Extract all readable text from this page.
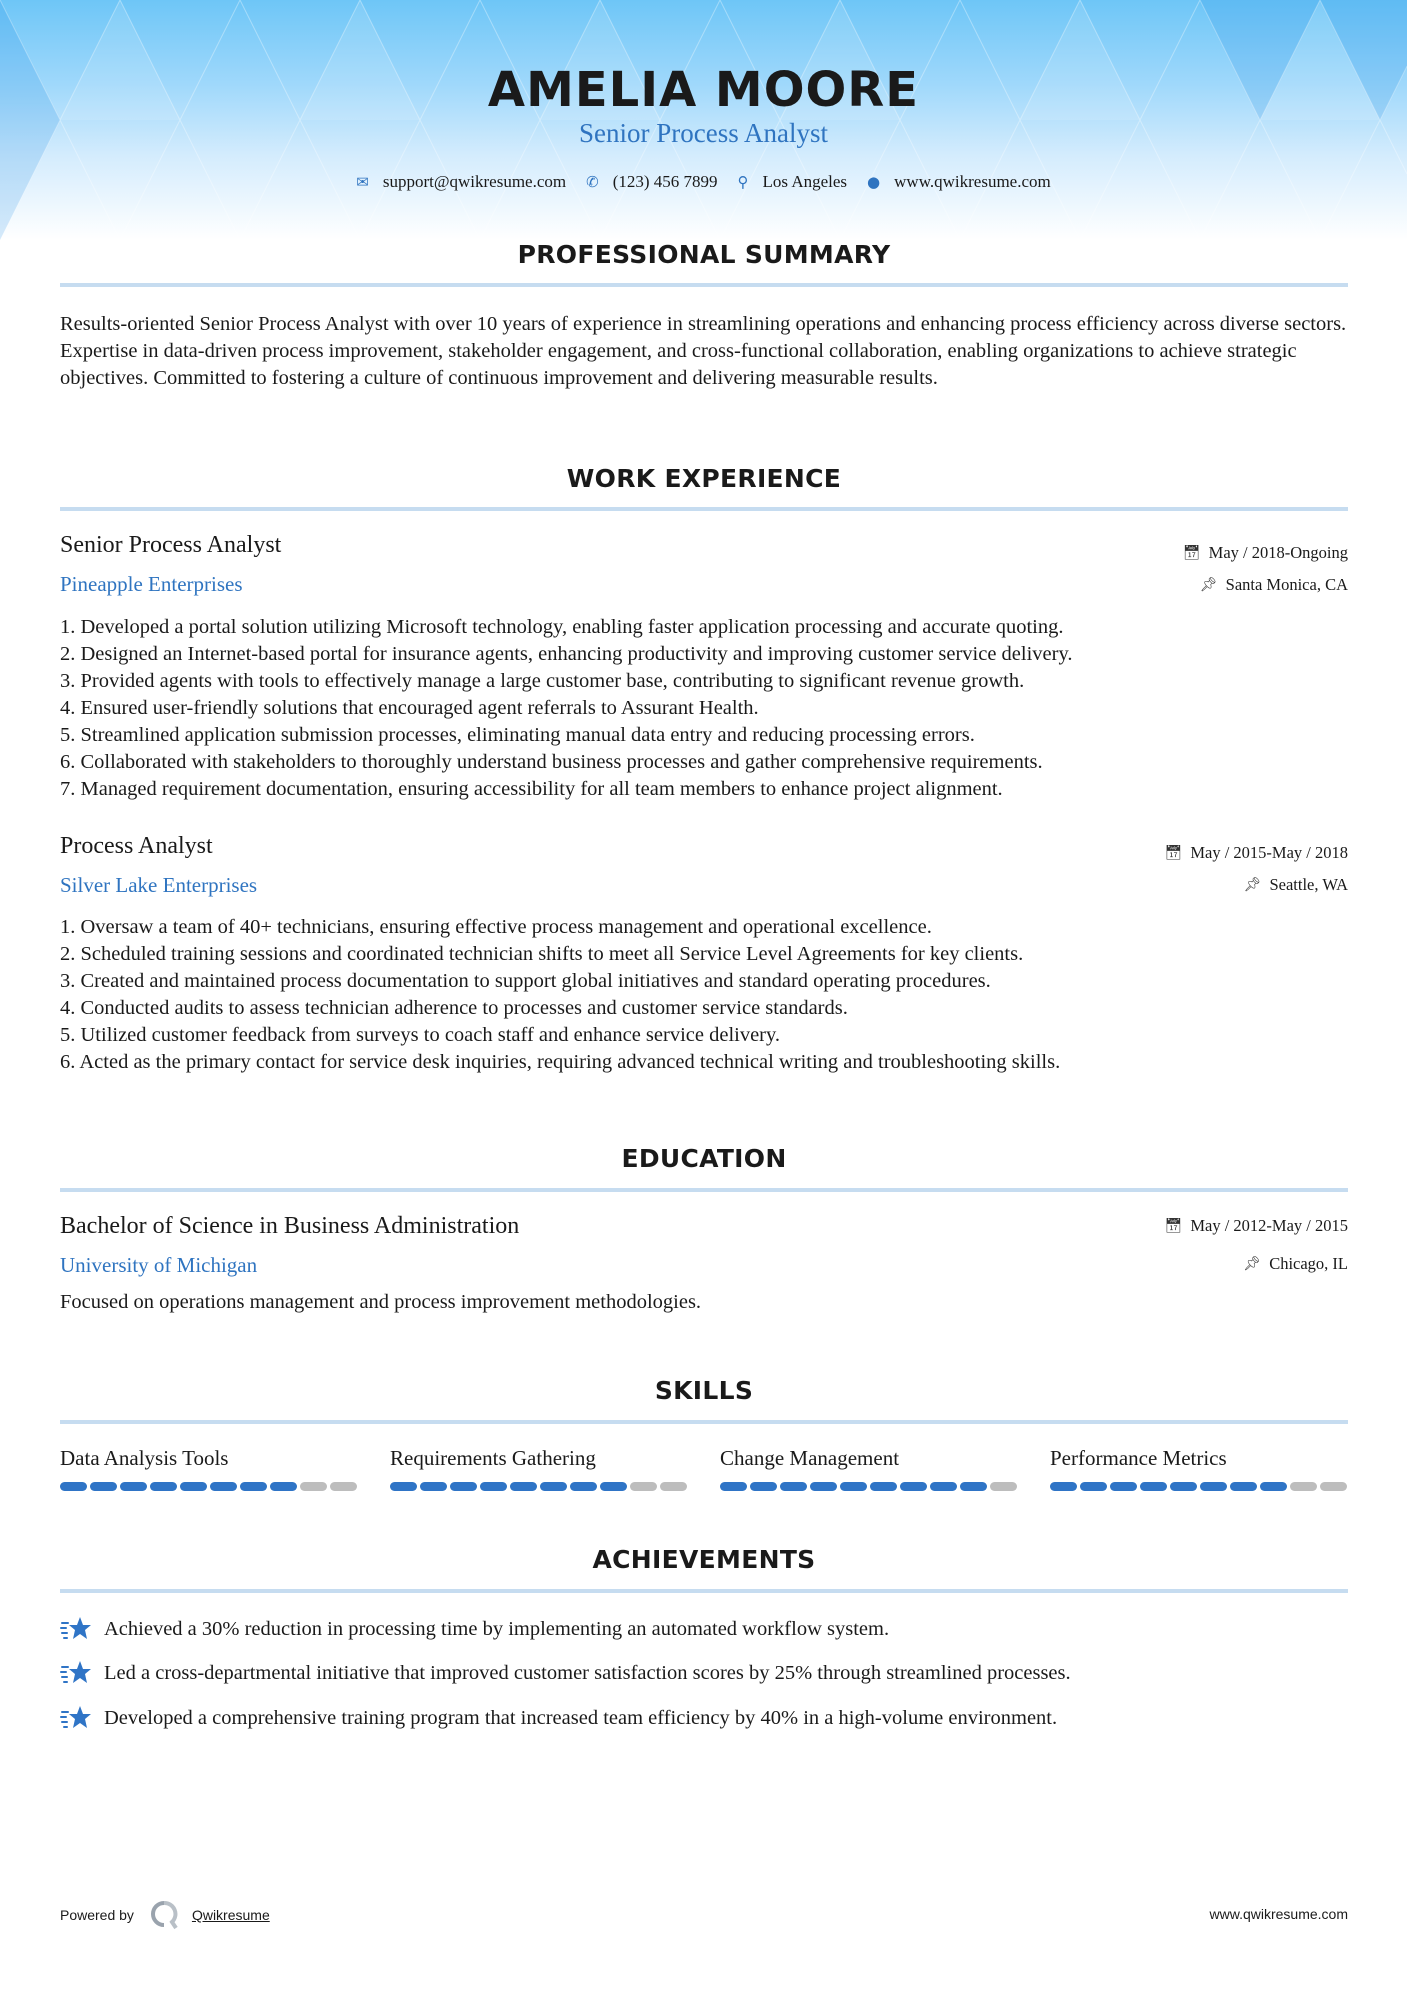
AMELIA MOORE
Senior Process Analyst
✉ support@qwikresume.com ✆ (123) 456 7899 ⚲ Los Angeles ● www.qwikresume.com
PROFESSIONAL SUMMARY
Results-oriented Senior Process Analyst with over 10 years of experience in streamlining operations and enhancing process efficiency across diverse sectors. Expertise in data-driven process improvement, stakeholder engagement, and cross-functional collaboration, enabling organizations to achieve strategic objectives. Committed to fostering a culture of continuous improvement and delivering measurable results.
WORK EXPERIENCE
Senior Process Analyst	📅︎ May / 2018-Ongoing
Pineapple Enterprises	📌︎ Santa Monica, CA
1. Developed a portal solution utilizing Microsoft technology, enabling faster application processing and accurate quoting.
2. Designed an Internet-based portal for insurance agents, enhancing productivity and improving customer service delivery.
3. Provided agents with tools to effectively manage a large customer base, contributing to significant revenue growth.
4. Ensured user-friendly solutions that encouraged agent referrals to Assurant Health.
5. Streamlined application submission processes, eliminating manual data entry and reducing processing errors.
6. Collaborated with stakeholders to thoroughly understand business processes and gather comprehensive requirements.
7. Managed requirement documentation, ensuring accessibility for all team members to enhance project alignment.
Process Analyst	📅︎ May / 2015-May / 2018
Silver Lake Enterprises	📌︎ Seattle, WA
1. Oversaw a team of 40+ technicians, ensuring effective process management and operational excellence.
2. Scheduled training sessions and coordinated technician shifts to meet all Service Level Agreements for key clients.
3. Created and maintained process documentation to support global initiatives and standard operating procedures.
4. Conducted audits to assess technician adherence to processes and customer service standards.
5. Utilized customer feedback from surveys to coach staff and enhance service delivery.
6. Acted as the primary contact for service desk inquiries, requiring advanced technical writing and troubleshooting skills.
EDUCATION
Bachelor of Science in Business Administration	📅︎ May / 2012-May / 2015
University of Michigan	📌︎ Chicago, IL
Focused on operations management and process improvement methodologies.
SKILLS
Data Analysis Tools	Requirements Gathering	Change Management	Performance Metrics
ACHIEVEMENTS
Achieved a 30% reduction in processing time by implementing an automated workflow system.
Led a cross-departmental initiative that improved customer satisfaction scores by 25% through streamlined processes.
Developed a comprehensive training program that increased team efficiency by 40% in a high-volume environment.
Powered by	Qwikresume	www.qwikresume.com
